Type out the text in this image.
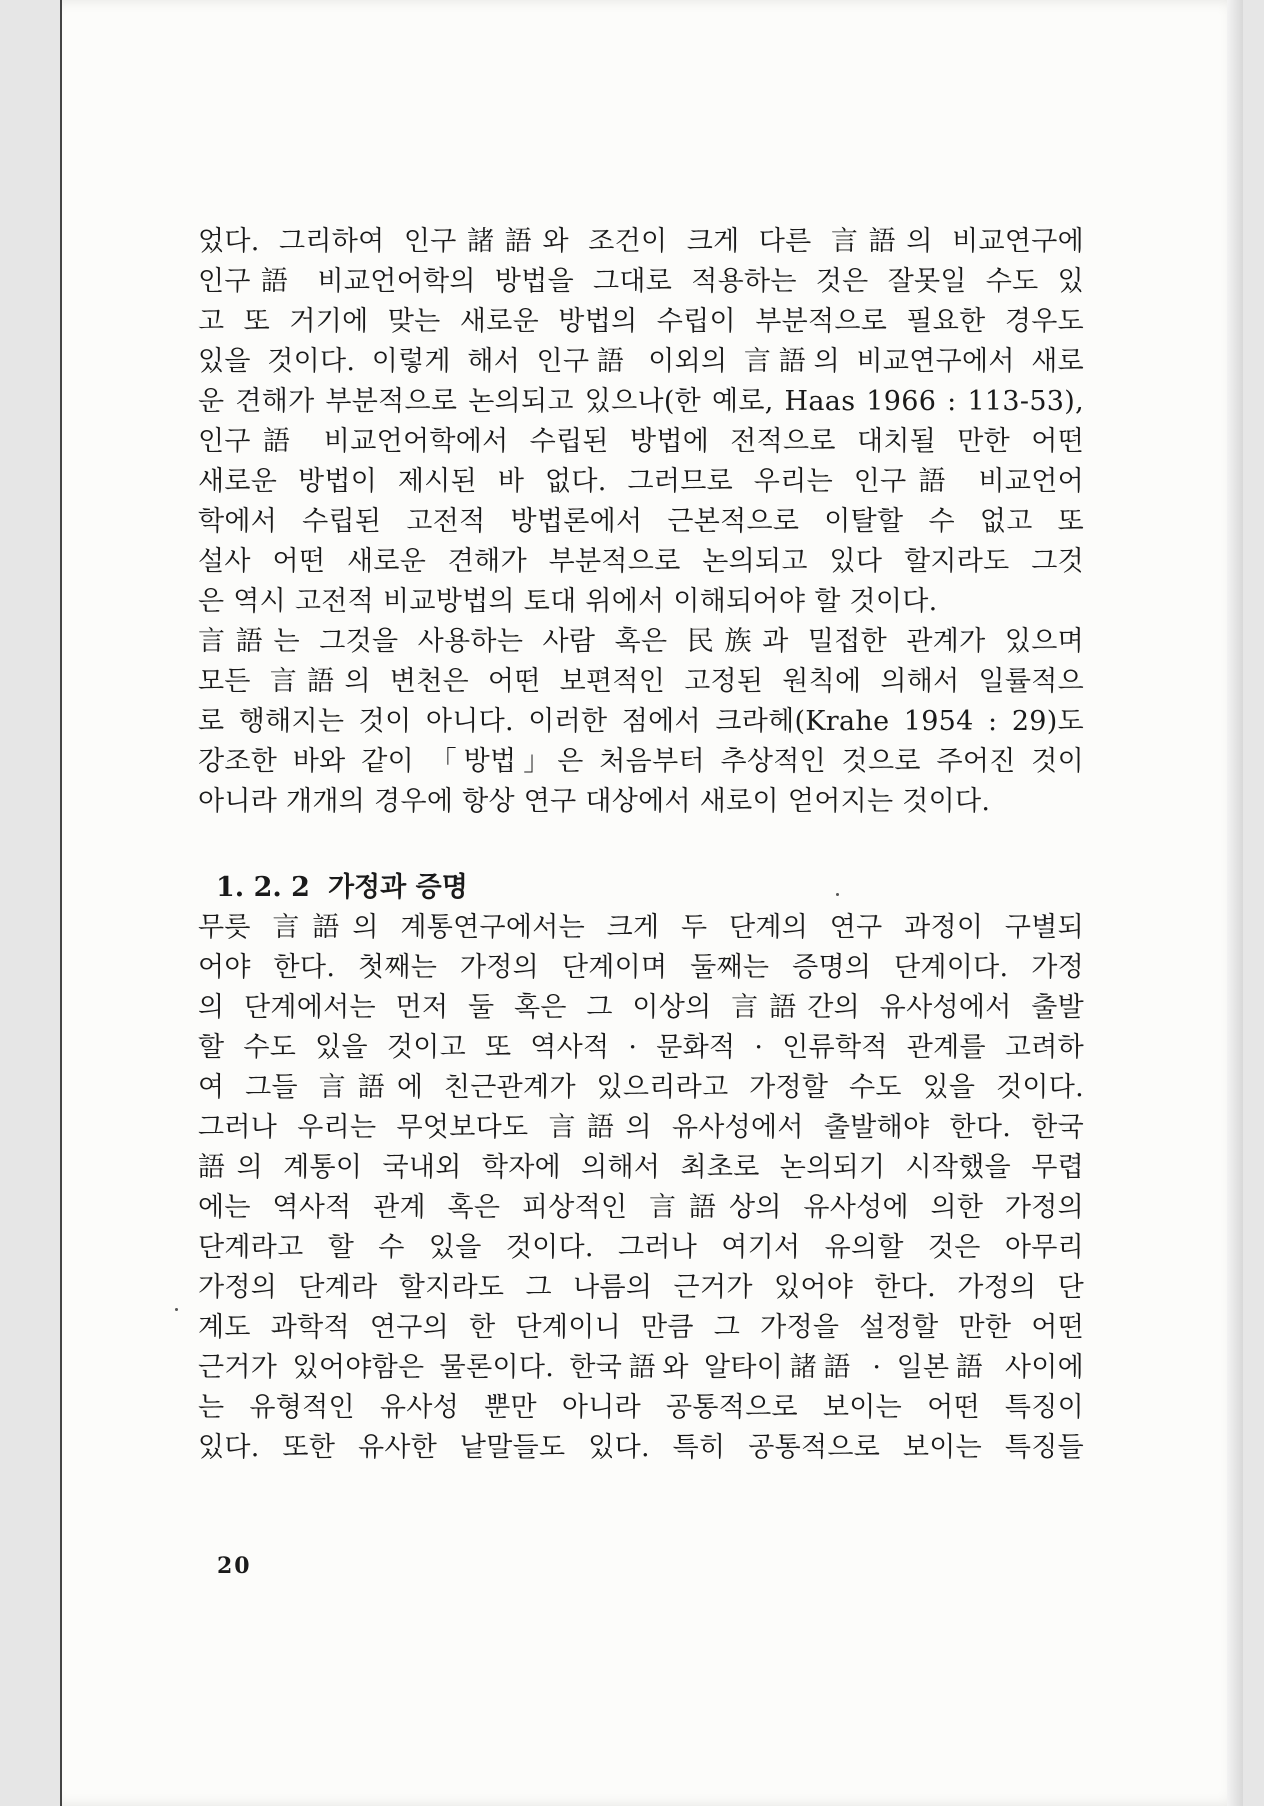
었다. 그리하여 인구諸語와 조건이 크게 다른 言語의 비교연구에
인구語 비교언어학의 방법을 그대로 적용하는 것은 잘못일 수도 있
고 또 거기에 맞는 새로운 방법의 수립이 부분적으로 필요한 경우도
있을 것이다. 이렇게 해서 인구語 이외의 言語의 비교연구에서 새로
운 견해가 부분적으로 논의되고 있으나(한 예로, Haas 1966 : 113-53),
인구語 비교언어학에서 수립된 방법에 전적으로 대치될 만한 어떤
새로운 방법이 제시된 바 없다. 그러므로 우리는 인구語 비교언어
학에서 수립된 고전적 방법론에서 근본적으로 이탈할 수 없고 또
설사 어떤 새로운 견해가 부분적으로 논의되고 있다 할지라도 그것
은 역시 고전적 비교방법의 토대 위에서 이해되어야 할 것이다.
言語는 그것을 사용하는 사람 혹은 民族과 밀접한 관계가 있으며
모든 言語의 변천은 어떤 보편적인 고정된 원칙에 의해서 일률적으
로 행해지는 것이 아니다. 이러한 점에서 크라헤(Krahe 1954 : 29)도
강조한 바와 같이 「방법」은 처음부터 추상적인 것으로 주어진 것이
아니라 개개의 경우에 항상 연구 대상에서 새로이 얻어지는 것이다.
1. 2. 2 가정과 증명
무릇 言語의 계통연구에서는 크게 두 단계의 연구 과정이 구별되
어야 한다. 첫째는 가정의 단계이며 둘째는 증명의 단계이다. 가정
의 단계에서는 먼저 둘 혹은 그 이상의 言語간의 유사성에서 출발
할 수도 있을 것이고 또 역사적 · 문화적 · 인류학적 관계를 고려하
여 그들 言語에 친근관계가 있으리라고 가정할 수도 있을 것이다.
그러나 우리는 무엇보다도 言語의 유사성에서 출발해야 한다. 한국
語의 계통이 국내외 학자에 의해서 최초로 논의되기 시작했을 무렵
에는 역사적 관계 혹은 피상적인 言語상의 유사성에 의한 가정의
단계라고 할 수 있을 것이다. 그러나 여기서 유의할 것은 아무리
가정의 단계라 할지라도 그 나름의 근거가 있어야 한다. 가정의 단
계도 과학적 연구의 한 단계이니 만큼 그 가정을 설정할 만한 어떤
근거가 있어야함은 물론이다. 한국語와 알타이諸語 · 일본語 사이에
는 유형적인 유사성 뿐만 아니라 공통적으로 보이는 어떤 특징이
있다. 또한 유사한 낱말들도 있다. 특히 공통적으로 보이는 특징들
20
